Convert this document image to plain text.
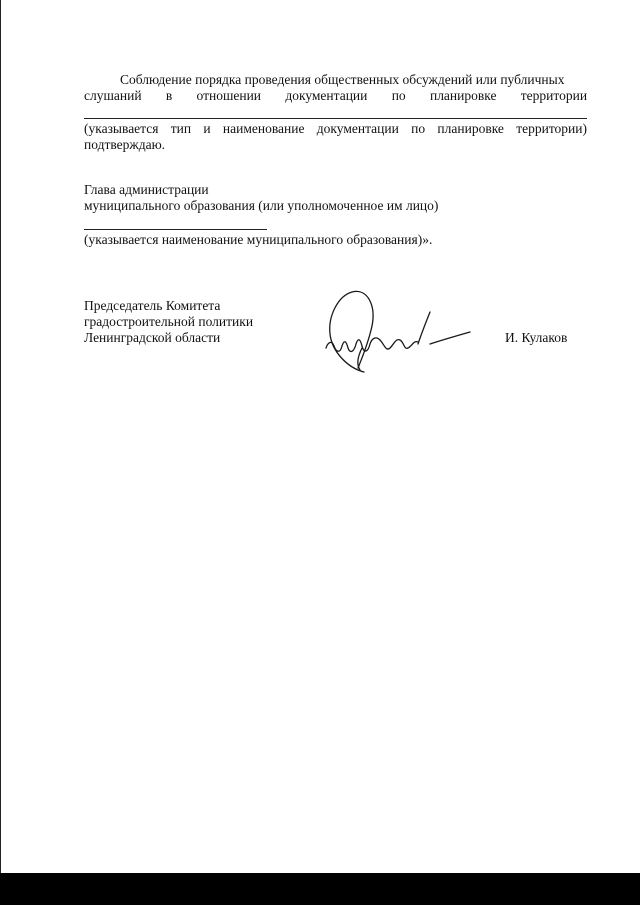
Соблюдение порядка проведения общественных обсуждений или публичных
слушаний в отношении документации по планировке территории
(указывается тип и наименование документации по планировке территории)
подтверждаю.
Глава администрации
муниципального образования (или уполномоченное им лицо)
(указывается наименование муниципального образования)».
Председатель Комитета
градостроительной политики
Ленинградской области	И. Кулаков
